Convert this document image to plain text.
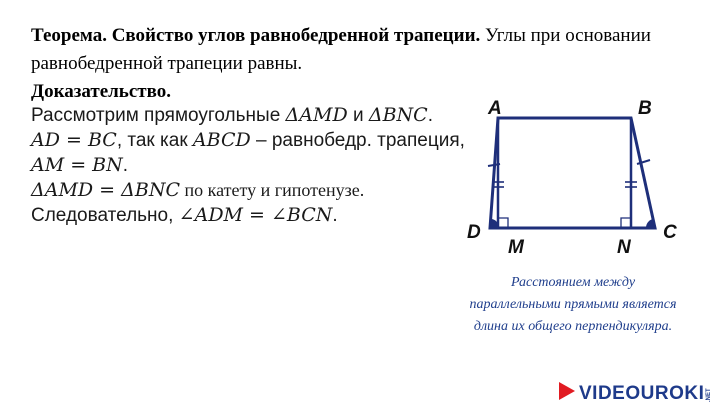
Теорема. Свойство углов равнобедренной трапеции. Углы при основании равнобедренной трапеции равны.
Доказательство.
Рассмотрим прямоугольные ΔAMD и ΔBNC.
AD = BC, так как ABCD – равнобедр. трапеция,
AM = BN.
ΔAMD = ΔBNC по катету и гипотенузе.
Следовательно, ∠ADM = ∠BCN.
A	B
D	C
M	N
Расстоянием между параллельными прямыми является длина их общего перпендикуляра.
VIDEOUROKI .NET
